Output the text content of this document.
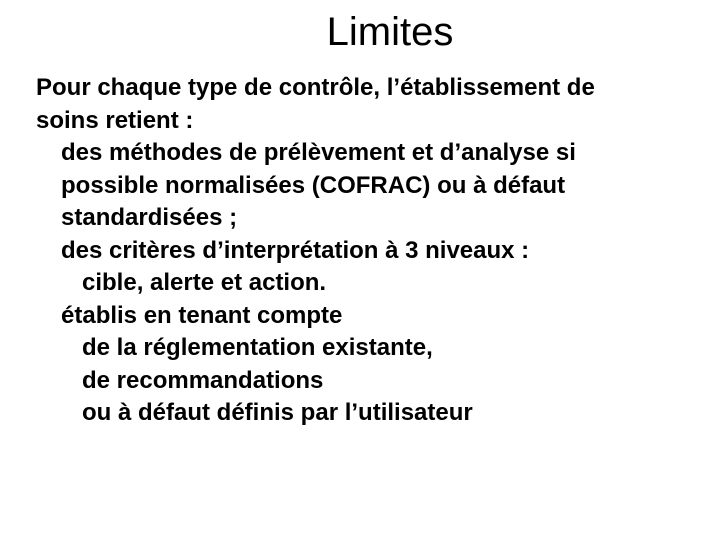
Limites
Pour chaque type de contrôle, l’établissement de
soins retient :
des méthodes de prélèvement et d’analyse si
possible normalisées (COFRAC) ou à défaut
standardisées ;
des critères d’interprétation à 3 niveaux :
cible, alerte et action.
établis en tenant compte
de la réglementation existante,
de recommandations
ou à défaut définis par l’utilisateur
